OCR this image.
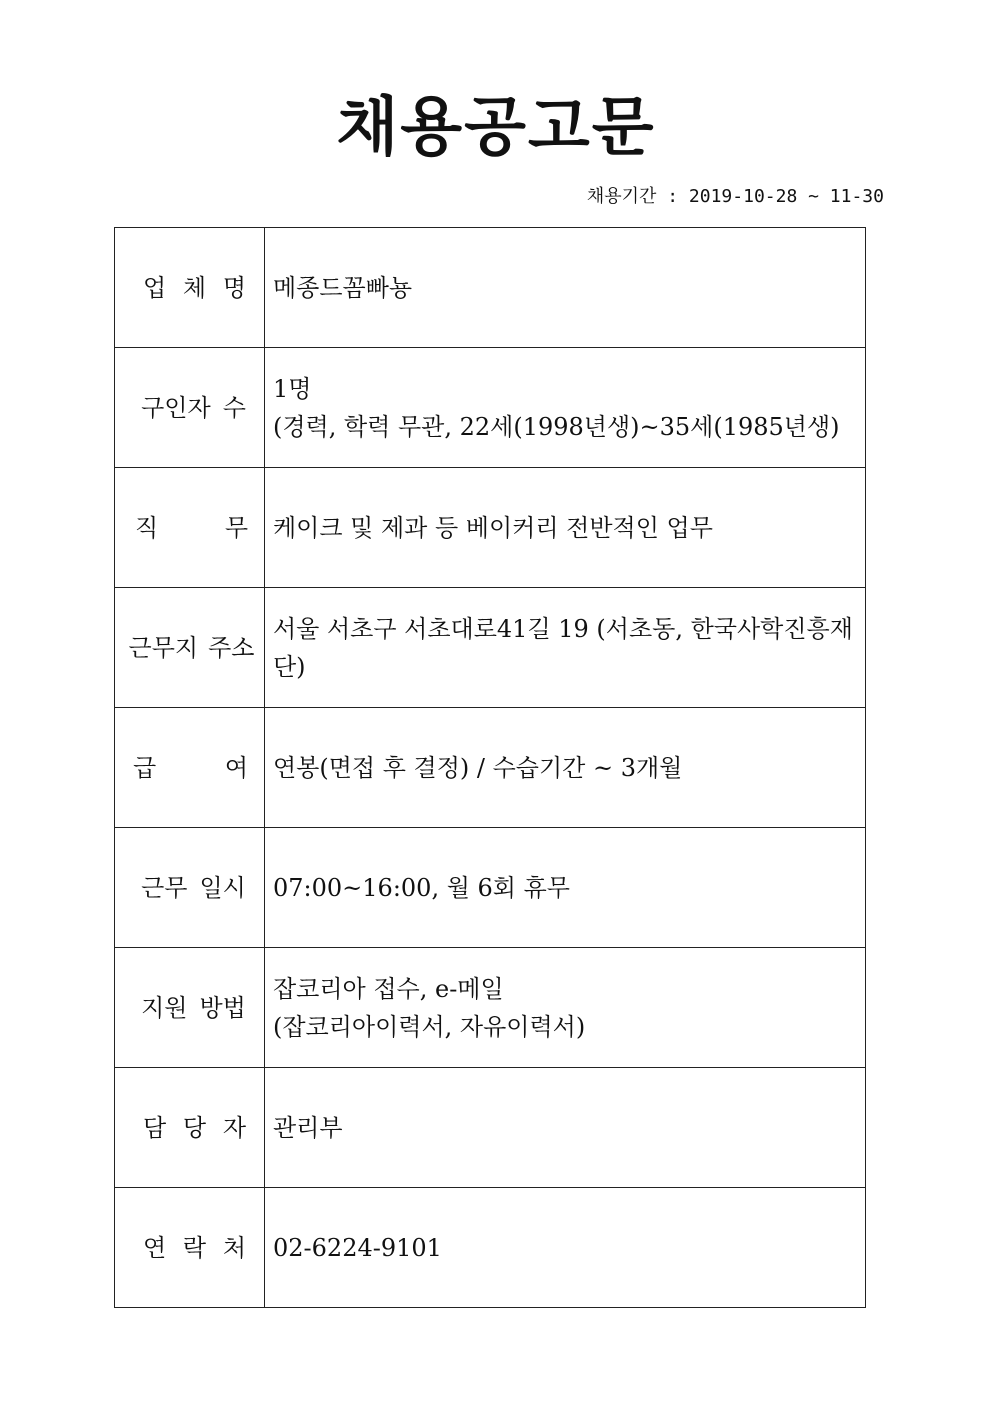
채용공고문
채용기간 : 2019-10-28 ~ 11-30
업 체 명	메종드꼼빠뇽

구인자 수	1명
(경력, 학력 무관, 22세(1998년생)~35세(1985년생)

직 무	케이크 및 제과 등 베이커리 전반적인 업무

근무지 주소	서울 서초구 서초대로41길 19 (서초동, 한국사학진흥재단)

급 여	연봉(면접 후 결정) / 수습기간 ~ 3개월

근무 일시	07:00~16:00, 월 6회 휴무

지원 방법	잡코리아 접수, e-메일
(잡코리아이력서, 자유이력서)

담 당 자	관리부

연 락 처	02-6224-9101
